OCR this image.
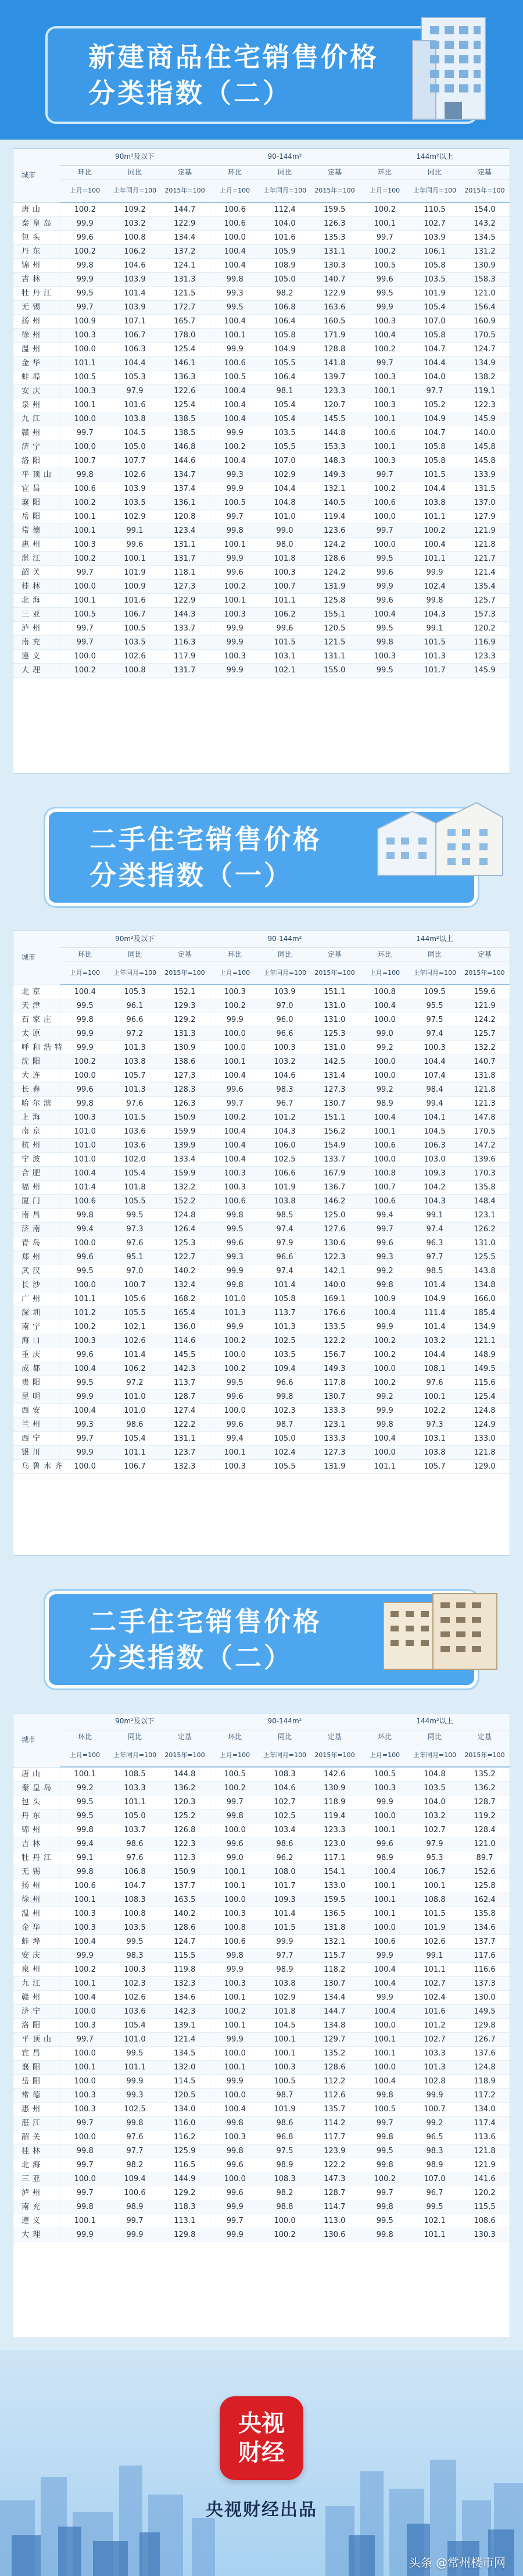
新建商品住宅销售价格
分类指数（二）
城市	90m²及以下			90-144m²			144m²以上		
	环比	同比	定基	环比	同比	定基	环比	同比	定基
	上月=100	上年同月=100	2015年=100	上月=100	上年同月=100	2015年=100	上月=100	上年同月=100	2015年=100
唐山	100.2	109.2	144.7	100.6	112.4	159.5	100.2	110.5	154.0
秦皇岛	99.9	103.2	122.9	100.6	104.0	126.3	100.1	102.7	143.2
包头	99.6	100.8	134.4	100.0	101.6	135.3	99.7	103.9	134.5
丹东	100.2	106.2	137.2	100.4	105.9	131.1	100.2	106.1	131.2
锦州	99.8	104.6	124.1	100.4	108.9	130.3	100.5	105.8	130.9
吉林	99.9	103.9	131.3	99.8	105.0	140.7	99.6	103.5	158.3
牡丹江	99.5	101.4	121.5	99.3	98.2	122.9	99.5	101.9	121.0
无锡	99.7	103.9	172.7	99.5	106.8	163.6	99.9	105.4	156.4
扬州	100.9	107.1	165.7	100.4	106.4	160.5	100.3	107.0	160.9
徐州	100.3	106.7	178.0	100.1	105.8	171.9	100.4	105.8	170.5
温州	100.0	106.3	125.4	99.9	104.9	128.8	100.2	104.7	124.7
金华	101.1	104.4	146.1	100.6	105.5	141.8	99.7	104.4	134.9
蚌埠	100.5	105.3	136.3	100.5	106.4	139.7	100.3	104.0	138.2
安庆	100.3	97.9	122.6	100.4	98.1	123.3	100.1	97.7	119.1
泉州	100.1	101.6	125.4	100.4	105.4	120.7	100.3	105.2	122.3
九江	100.0	103.8	138.5	100.4	105.4	145.5	100.1	104.9	145.9
赣州	99.7	104.5	138.5	99.9	103.5	144.8	100.6	104.7	140.0
济宁	100.0	105.0	146.8	100.2	105.5	153.3	100.1	105.8	145.8
洛阳	100.7	107.7	144.6	100.4	107.0	148.3	100.3	105.8	145.8
平顶山	99.8	102.6	134.7	99.3	102.9	149.3	99.7	101.5	133.9
宜昌	100.6	103.9	137.4	99.9	104.4	132.1	100.2	104.4	131.5
襄阳	100.2	103.5	136.1	100.5	104.8	140.5	100.6	103.8	137.0
岳阳	100.1	102.9	120.8	99.7	101.0	119.4	100.0	101.1	127.9
常德	100.1	99.1	123.4	99.8	99.0	123.6	99.7	100.2	121.9
惠州	100.3	99.6	131.1	100.1	98.0	124.2	100.0	100.4	121.8
湛江	100.2	100.1	131.7	99.9	101.8	128.6	99.5	101.1	121.7
韶关	99.7	101.9	118.1	99.6	100.3	124.2	99.6	99.9	121.4
桂林	100.0	100.9	127.3	100.2	100.7	131.9	99.9	102.4	135.4
北海	100.1	101.6	122.9	100.1	101.1	125.8	99.6	99.8	125.7
三亚	100.5	106.7	144.3	100.3	106.2	155.1	100.4	104.3	157.3
泸州	99.7	100.5	133.7	99.9	99.6	120.5	99.5	99.1	120.2
南充	99.7	103.5	116.3	99.9	101.5	121.5	99.8	101.5	116.9
遵义	100.0	102.6	117.9	100.3	103.1	131.1	100.3	101.3	123.3
大理	100.2	100.8	131.7	99.9	102.1	155.0	99.5	101.7	145.9
二手住宅销售价格
分类指数（一）
城市	90m²及以下			90-144m²			144m²以上		
	环比	同比	定基	环比	同比	定基	环比	同比	定基
	上月=100	上年同月=100	2015年=100	上月=100	上年同月=100	2015年=100	上月=100	上年同月=100	2015年=100
北京	100.4	105.3	152.1	100.3	103.9	151.1	100.8	109.5	159.6
天津	99.5	96.1	129.3	100.2	97.0	131.0	100.4	95.5	121.9
石家庄	99.8	96.6	129.2	99.9	96.0	131.0	100.0	97.5	124.2
太原	99.9	97.2	131.3	100.0	96.6	125.3	99.0	97.4	125.7
呼和浩特	99.9	101.3	130.9	100.0	100.3	131.0	99.2	100.3	132.2
沈阳	100.2	103.8	138.6	100.1	103.2	142.5	100.0	104.4	140.7
大连	100.0	105.7	127.3	100.4	104.6	131.4	100.0	107.4	131.8
长春	99.6	101.3	128.3	99.6	98.3	127.3	99.2	98.4	121.8
哈尔滨	99.8	97.6	126.3	99.7	96.7	130.7	98.9	99.4	121.3
上海	100.3	101.5	150.9	100.2	101.2	151.1	100.4	104.1	147.8
南京	101.0	103.6	159.9	100.4	104.3	156.2	100.1	104.5	170.5
杭州	101.0	103.6	139.9	100.4	106.0	154.9	100.6	106.3	147.2
宁波	101.0	102.0	133.4	100.4	102.5	133.7	100.0	103.0	139.6
合肥	100.4	105.4	159.9	100.3	106.6	167.9	100.8	109.3	170.3
福州	101.4	101.8	132.2	100.3	101.9	136.7	100.7	104.2	135.8
厦门	100.6	105.5	152.2	100.6	103.8	146.2	100.6	104.3	148.4
南昌	99.8	99.5	124.8	99.8	98.5	125.0	99.4	99.1	123.1
济南	99.4	97.3	126.4	99.5	97.4	127.6	99.7	97.4	126.2
青岛	100.0	97.6	125.3	99.6	97.9	130.6	99.6	96.3	131.0
郑州	99.6	95.1	122.7	99.3	96.6	122.3	99.3	97.7	125.5
武汉	99.5	97.0	140.2	99.9	97.4	142.1	99.2	98.5	143.8
长沙	100.0	100.7	132.4	99.8	101.4	140.0	99.8	101.4	134.8
广州	101.1	105.6	168.2	101.0	105.8	169.1	100.9	104.9	166.0
深圳	101.2	105.5	165.4	101.3	113.7	176.6	100.4	111.4	185.4
南宁	100.2	102.1	136.0	99.9	101.3	133.5	99.9	101.4	134.9
海口	100.3	102.6	114.6	100.2	102.5	122.2	100.2	103.2	121.1
重庆	99.6	101.4	145.5	100.0	103.5	156.7	100.2	104.4	148.9
成都	100.4	106.2	142.3	100.2	109.4	149.3	100.0	108.1	149.5
贵阳	99.5	97.2	113.7	99.5	96.6	117.8	100.2	97.6	115.6
昆明	99.9	101.0	128.7	99.6	99.8	130.7	99.2	100.1	125.4
西安	100.4	101.0	127.4	100.0	102.3	133.3	99.9	102.2	124.8
兰州	99.3	98.6	122.2	99.6	98.7	123.1	99.8	97.3	124.9
西宁	99.7	105.4	131.1	99.4	105.0	133.3	100.4	103.1	133.0
银川	99.9	101.1	123.7	100.1	102.4	127.3	100.0	103.8	121.8
乌鲁木齐	100.0	106.7	132.3	100.3	105.5	131.9	101.1	105.7	129.0
二手住宅销售价格
分类指数（二）
城市	90m²及以下			90-144m²			144m²以上		
	环比	同比	定基	环比	同比	定基	环比	同比	定基
	上月=100	上年同月=100	2015年=100	上月=100	上年同月=100	2015年=100	上月=100	上年同月=100	2015年=100
唐山	100.1	108.5	144.8	100.5	108.3	142.6	100.5	104.8	135.2
秦皇岛	99.2	103.3	136.2	100.2	104.6	130.9	100.3	103.5	136.2
包头	99.5	101.1	120.3	99.7	102.7	118.9	99.9	104.0	128.7
丹东	99.5	105.0	125.2	99.8	102.5	119.4	100.0	103.2	119.2
锦州	99.8	103.7	126.8	100.0	103.4	123.3	100.1	102.7	128.4
吉林	99.4	98.6	122.3	99.6	98.6	123.0	99.6	97.9	121.0
牡丹江	99.1	97.6	112.3	99.0	96.2	117.1	98.9	95.3	89.7
无锡	99.8	106.8	150.9	100.1	108.0	154.1	100.4	106.7	152.6
扬州	100.6	104.7	137.7	100.1	101.7	133.0	100.1	100.1	125.8
徐州	100.1	108.3	163.5	100.0	109.3	159.5	100.1	108.8	162.4
温州	100.3	100.8	140.2	100.3	101.4	136.5	100.1	101.5	135.8
金华	100.3	103.5	128.6	100.8	101.5	131.8	100.0	101.9	134.6
蚌埠	100.4	99.5	124.7	100.6	99.9	132.1	100.6	102.6	137.7
安庆	99.9	98.3	115.5	99.8	97.7	115.7	99.9	99.1	117.6
泉州	100.2	100.3	119.8	99.9	98.9	118.2	100.4	101.1	116.6
九江	100.1	102.3	132.3	100.3	103.8	130.7	100.4	102.7	137.3
赣州	100.4	102.6	134.6	100.1	102.9	134.4	99.9	102.4	130.0
济宁	100.0	103.6	142.3	100.2	101.8	144.7	100.4	101.6	149.5
洛阳	100.3	105.4	139.1	100.1	104.5	134.8	100.0	101.2	129.8
平顶山	99.7	101.0	121.4	99.9	100.1	129.7	100.1	102.7	126.7
宜昌	100.0	99.5	134.5	100.0	100.1	135.2	100.1	103.3	137.6
襄阳	100.1	101.1	132.0	100.1	100.3	128.6	100.0	101.3	124.8
岳阳	100.0	99.9	114.5	99.9	100.5	112.2	100.4	102.8	118.9
常德	100.3	99.3	120.5	100.0	98.7	112.6	99.8	99.9	117.2
惠州	100.3	102.5	134.0	100.4	101.9	135.7	100.5	100.7	134.0
湛江	99.7	99.8	116.0	99.8	98.6	114.2	99.7	99.2	117.4
韶关	100.0	97.6	116.2	100.3	96.8	117.7	99.8	96.5	113.6
桂林	99.8	97.7	125.9	99.8	97.5	123.9	99.5	98.3	121.8
北海	99.7	98.2	116.5	99.6	98.9	122.2	99.8	98.9	121.9
三亚	100.0	109.4	144.9	100.0	108.3	147.3	100.2	107.0	141.6
泸州	99.7	100.6	129.2	99.6	98.2	128.7	99.7	96.7	120.2
南充	99.8	98.9	118.3	99.9	98.8	114.7	99.8	99.5	115.5
遵义	100.1	99.7	113.1	99.7	100.0	113.0	99.5	102.1	108.6
大理	99.9	99.9	129.8	99.9	100.2	130.6	99.8	101.1	130.3
央视
财经
央视财经出品
头条 @常州楼市网
